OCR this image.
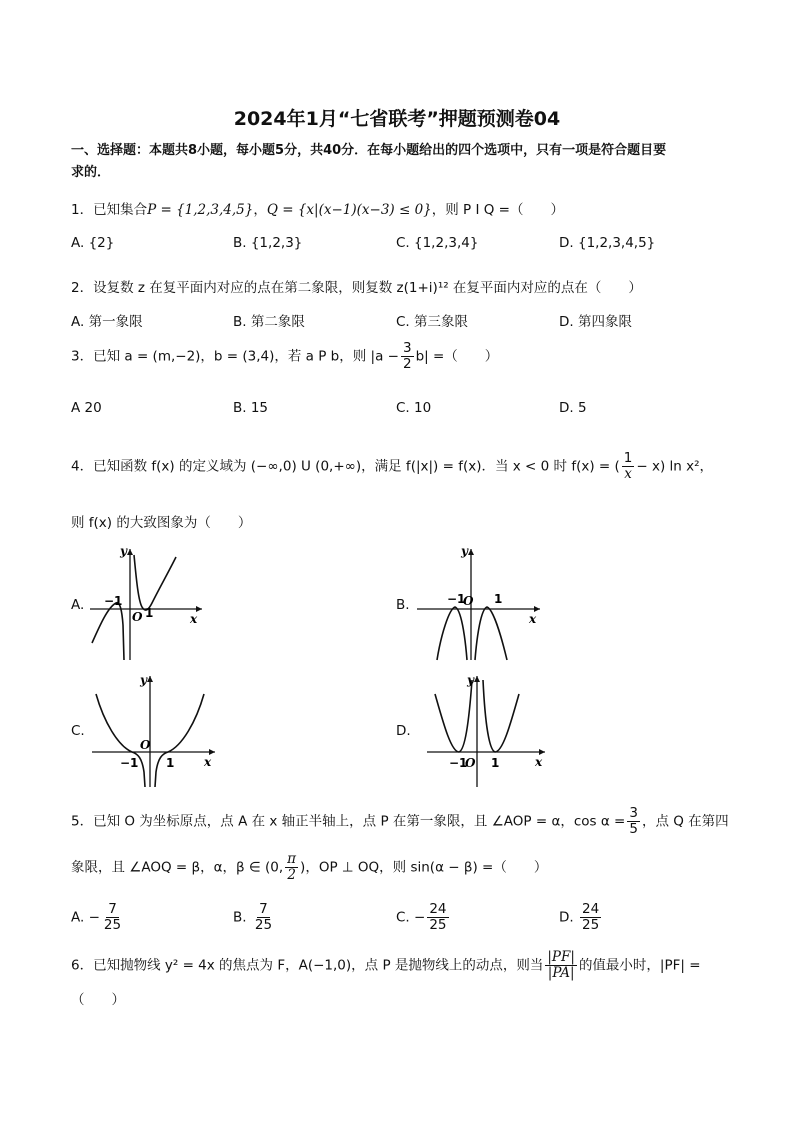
2024年1月“七省联考”押题预测卷04
一、选择题：本题共8小题，每小题5分，共40分．在每小题给出的四个选项中，只有一项是符合题目要
求的．
1．已知集合P = {1,2,3,4,5}，Q = {x|(x−1)(x−3) ≤ 0}，则 P I Q =（　　）
A. {2}	B. {1,2,3}	C. {1,2,3,4}	D. {1,2,3,4,5}
2．设复数 z 在复平面内对应的点在第二象限，则复数 z(1+i)¹² 在复平面内对应的点在（　　）
A. 第一象限	B. 第二象限	C. 第三象限	D. 第四象限
3．已知 a = (m,−2)，b = (3,4)，若 a P b，则 $|a - \frac{3}{2} b|$ =（　　）
A 20	B. 15	C. 10	D. 5
4．已知函数 f(x) 的定义域为 (−∞,0) U (0,+∞)，满足 f(|x|) = f(x)．当 x < 0 时 f(x) = ( $\frac{1}{x} - x$) ln x²，
则 f(x) 的大致图象为（　　）
A.	B.
C.	D.
−1
O 1	x
y
−1
O 1
x
y
−1
O
1 x
y
−1
O 1	x
y
5．已知 O 为坐标原点，点 A 在 x 轴正半轴上，点 P 在第一象限，且 ∠AOP = α，$\cos \alpha = \frac{3}{5}$ ，点 Q 在第四
象限，且 ∠AOQ = β，α，β ∈ (0, $\frac{\pi}{2}$ )，OP ⊥ OQ，则 sin(α − β) =（　　）
A. − $\frac{7}{25}$	B. $\frac{7}{25}$	C. − $\frac{24}{25}$	D. $\frac{24}{25}$
6．已知抛物线 y² = 4x 的焦点为 F，A(−1,0)，点 P 是抛物线上的动点，则当 $\frac{|PF|}{|PA|}$ 的值最小时，|PF| =
（　　）
